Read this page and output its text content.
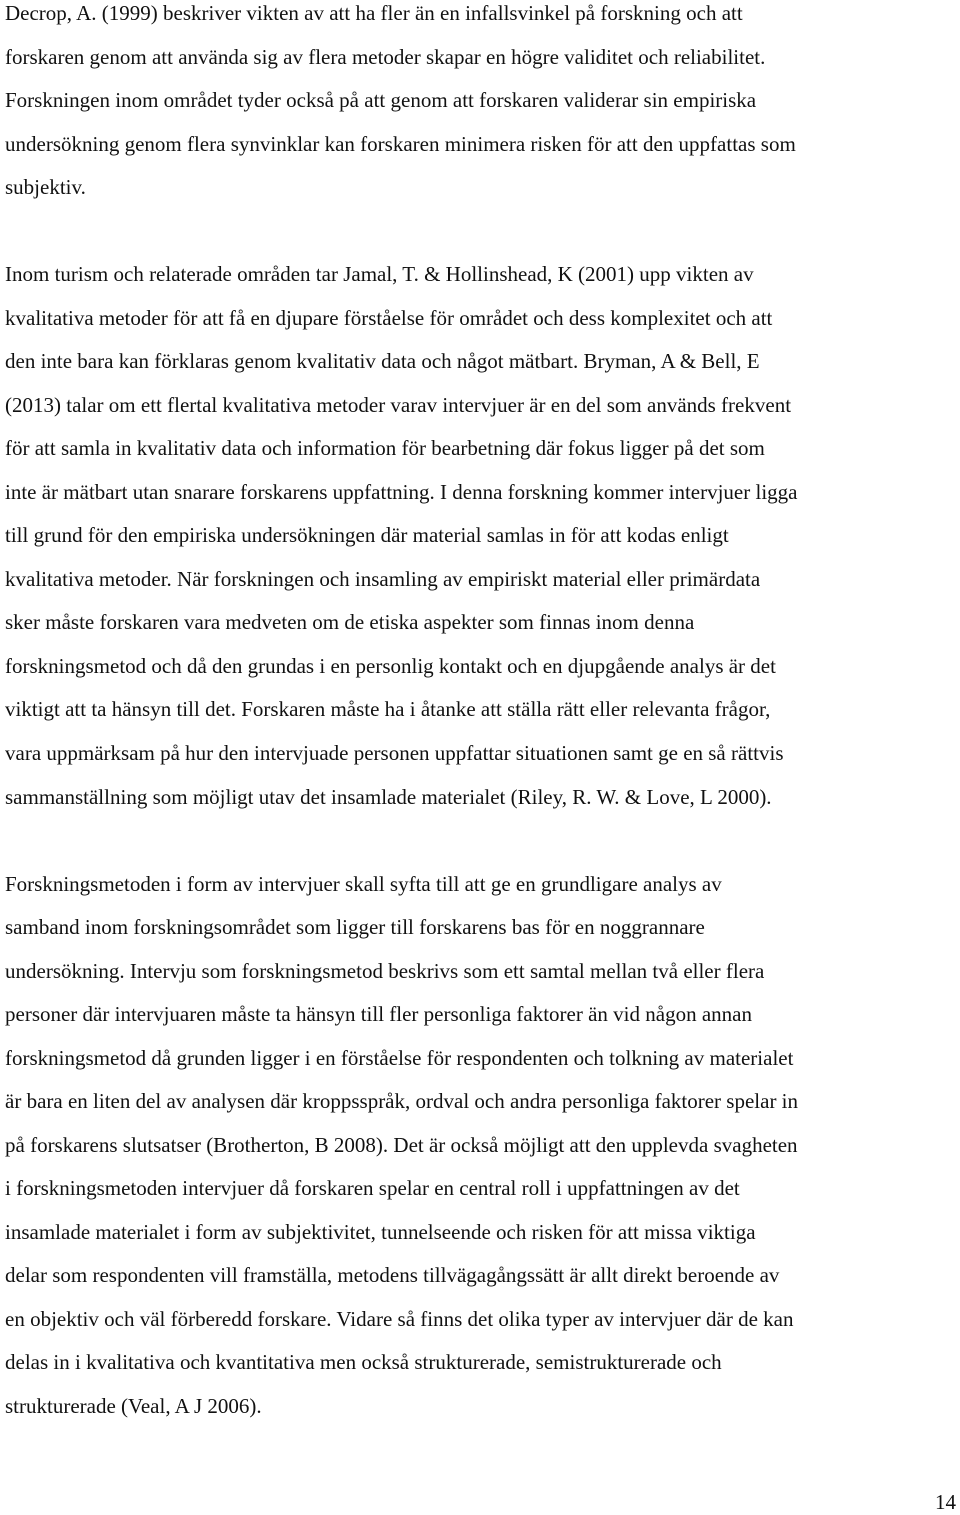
Decrop, A. (1999) beskriver vikten av att ha fler än en infallsvinkel på forskning och att
forskaren genom att använda sig av flera metoder skapar en högre validitet och reliabilitet.
Forskningen inom området tyder också på att genom att forskaren validerar sin empiriska
undersökning genom flera synvinklar kan forskaren minimera risken för att den uppfattas som
subjektiv.
Inom turism och relaterade områden tar Jamal, T. & Hollinshead, K (2001) upp vikten av
kvalitativa metoder för att få en djupare förståelse för området och dess komplexitet och att
den inte bara kan förklaras genom kvalitativ data och något mätbart. Bryman, A & Bell, E
(2013) talar om ett flertal kvalitativa metoder varav intervjuer är en del som används frekvent
för att samla in kvalitativ data och information för bearbetning där fokus ligger på det som
inte är mätbart utan snarare forskarens uppfattning. I denna forskning kommer intervjuer ligga
till grund för den empiriska undersökningen där material samlas in för att kodas enligt
kvalitativa metoder. När forskningen och insamling av empiriskt material eller primärdata
sker måste forskaren vara medveten om de etiska aspekter som finnas inom denna
forskningsmetod och då den grundas i en personlig kontakt och en djupgående analys är det
viktigt att ta hänsyn till det. Forskaren måste ha i åtanke att ställa rätt eller relevanta frågor,
vara uppmärksam på hur den intervjuade personen uppfattar situationen samt ge en så rättvis
sammanställning som möjligt utav det insamlade materialet (Riley, R. W. & Love, L 2000).
Forskningsmetoden i form av intervjuer skall syfta till att ge en grundligare analys av
samband inom forskningsområdet som ligger till forskarens bas för en noggrannare
undersökning. Intervju som forskningsmetod beskrivs som ett samtal mellan två eller flera
personer där intervjuaren måste ta hänsyn till fler personliga faktorer än vid någon annan
forskningsmetod då grunden ligger i en förståelse för respondenten och tolkning av materialet
är bara en liten del av analysen där kroppsspråk, ordval och andra personliga faktorer spelar in
på forskarens slutsatser (Brotherton, B 2008). Det är också möjligt att den upplevda svagheten
i forskningsmetoden intervjuer då forskaren spelar en central roll i uppfattningen av det
insamlade materialet i form av subjektivitet, tunnelseende och risken för att missa viktiga
delar som respondenten vill framställa, metodens tillvägagångssätt är allt direkt beroende av
en objektiv och väl förberedd forskare. Vidare så finns det olika typer av intervjuer där de kan
delas in i kvalitativa och kvantitativa men också strukturerade, semistrukturerade och
strukturerade (Veal, A J 2006).
14
